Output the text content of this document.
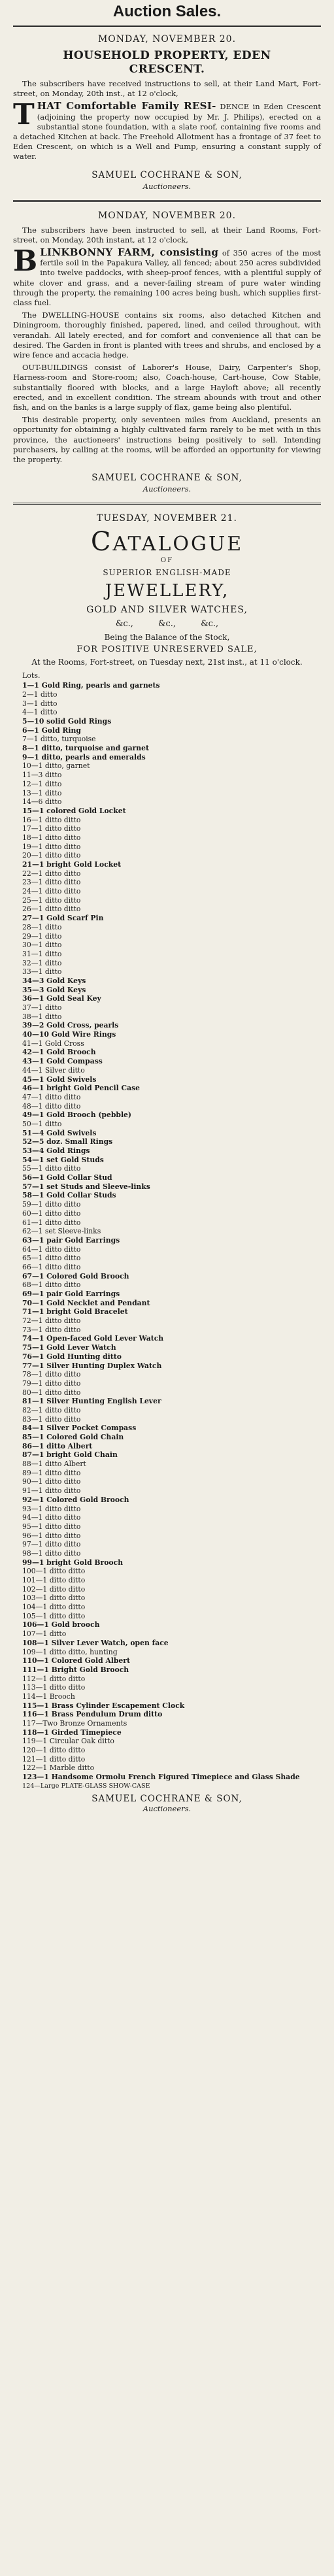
Auction Sales.
MONDAY, NOVEMBER 20.
HOUSEHOLD PROPERTY, EDEN
CRESCENT.

The subscribers have received instructions to sell, at their Land Mart, Fort-street, on Monday, 20th inst., at 12 o'clock,

T HAT Comfortable Family RESI- DENCE in Eden Crescent (adjoining the property now occupied by Mr. J. Philips), erected on a substantial stone foundation, with a slate roof, containing five rooms and a detached Kitchen at back. The Freehold Allotment has a frontage of 37 feet to Eden Crescent, on which is a Well and Pump, ensuring a constant supply of water.
SAMUEL COCHRANE & SON,
Auctioneers.
MONDAY, NOVEMBER 20.

The subscribers have been instructed to sell, at their Land Rooms, Fort-street, on Monday, 20th instant, at 12 o'clock,

B LINKBONNY FARM, consisting of 350 acres of the most fertile soil in the Papakura Valley, all fenced; about 250 acres subdivided into twelve paddocks, with sheep-proof fences, with a plentiful supply of white clover and grass, and a never-failing stream of pure water winding through the property, the remaining 100 acres being bush, which supplies first-class fuel.

The DWELLING-HOUSE contains six rooms, also detached Kitchen and Diningroom, thoroughly finished, papered, lined, and ceiled throughout, with verandah. All lately erected, and for comfort and convenience all that can be desired. The Garden in front is planted with trees and shrubs, and enclosed by a wire fence and accacia hedge.

OUT-BUILDINGS consist of Laborer's House, Dairy, Carpenter's Shop, Harness-room and Store-room; also, Coach-house, Cart-house, Cow Stable, substantially floored with blocks, and a large Hayloft above; all recently erected, and in excellent condition. The stream abounds with trout and other fish, and on the banks is a large supply of flax, game being also plentiful.

This desirable property, only seventeen miles from Auckland, presents an opportunity for obtaining a highly cultivated farm rarely to be met with in this province, the auctioneers' instructions being positively to sell. Intending purchasers, by calling at the rooms, will be afforded an opportunity for viewing the property.

SAMUEL COCHRANE & SON,
Auctioneers.
TUESDAY, NOVEMBER 21.
CATALOGUE
OF
SUPERIOR ENGLISH-MADE
JEWELLERY,
GOLD AND SILVER WATCHES,
&c.,	&c.,	&c.,
Being the Balance of the Stock,
FOR POSITIVE UNRESERVED SALE,
At the Rooms, Fort-street, on Tuesday next, 21st inst., at 11 o'clock.
Lots.
1—1 Gold Ring, pearls and garnets
2—1 ditto
3—1 ditto
4—1 ditto
5—10 solid Gold Rings
6—1 Gold Ring
7—1 ditto, turquoise
8—1 ditto, turquoise and garnet
9—1 ditto, pearls and emeralds
10—1 ditto, garnet
11—3 ditto
12—1 ditto
13—1 ditto
14—6 ditto
15—1 colored Gold Locket
16—1 ditto ditto
17—1 ditto ditto
18—1 ditto ditto
19—1 ditto ditto
20—1 ditto ditto
21—1 bright Gold Locket
22—1 ditto ditto
23—1 ditto ditto
24—1 ditto ditto
25—1 ditto ditto
26—1 ditto ditto
27—1 Gold Scarf Pin
28—1 ditto
29—1 ditto
30—1 ditto
31—1 ditto
32—1 ditto
33—1 ditto
34—3 Gold Keys
35—3 Gold Keys
36—1 Gold Seal Key
37—1 ditto
38—1 ditto
39—2 Gold Cross, pearls
40—10 Gold Wire Rings
41—1 Gold Cross
42—1 Gold Brooch
43—1 Gold Compass
44—1 Silver ditto
45—1 Gold Swivels
46—1 bright Gold Pencil Case
47—1 ditto ditto
48—1 ditto ditto
49—1 Gold Brooch (pebble)
50—1 ditto
51—4 Gold Swivels
52—5 doz. Small Rings
53—4 Gold Rings
54—1 set Gold Studs
55—1 ditto ditto
56—1 Gold Collar Stud
57—1 set Studs and Sleeve-links
58—1 Gold Collar Studs
59—1 ditto ditto
60—1 ditto ditto
61—1 ditto ditto
62—1 set Sleeve-links
63—1 pair Gold Earrings
64—1 ditto ditto
65—1 ditto ditto
66—1 ditto ditto
67—1 Colored Gold Brooch
68—1 ditto ditto
69—1 pair Gold Earrings
70—1 Gold Necklet and Pendant
71—1 bright Gold Bracelet
72—1 ditto ditto
73—1 ditto ditto
74—1 Open-faced Gold Lever Watch
75—1 Gold Lever Watch
76—1 Gold Hunting ditto
77—1 Silver Hunting Duplex Watch
78—1 ditto ditto
79—1 ditto ditto
80—1 ditto ditto
81—1 Silver Hunting English Lever
82—1 ditto ditto
83—1 ditto ditto
84—1 Silver Pocket Compass
85—1 Colored Gold Chain
86—1 ditto Albert
87—1 bright Gold Chain
88—1 ditto Albert
89—1 ditto ditto
90—1 ditto ditto
91—1 ditto ditto
92—1 Colored Gold Brooch
93—1 ditto ditto
94—1 ditto ditto
95—1 ditto ditto
96—1 ditto ditto
97—1 ditto ditto
98—1 ditto ditto
99—1 bright Gold Brooch
100—1 ditto ditto
101—1 ditto ditto
102—1 ditto ditto
103—1 ditto ditto
104—1 ditto ditto
105—1 ditto ditto
106—1 Gold brooch
107—1 ditto
108—1 Silver Lever Watch, open face
109—1 ditto ditto, hunting
110—1 Colored Gold Albert
111—1 Bright Gold Brooch
112—1 ditto ditto
113—1 ditto ditto
114—1 Brooch
115—1 Brass Cylinder Escapement Clock
116—1 Brass Pendulum Drum ditto
117—Two Bronze Ornaments
118—1 Girded Timepiece
119—1 Circular Oak ditto
120—1 ditto ditto
121—1 ditto ditto
122—1 Marble ditto
123—1 Handsome Ormolu French Figured Timepiece and Glass Shade
124—Large PLATE-GLASS SHOW-CASE
SAMUEL COCHRANE & SON,
Auctioneers.
